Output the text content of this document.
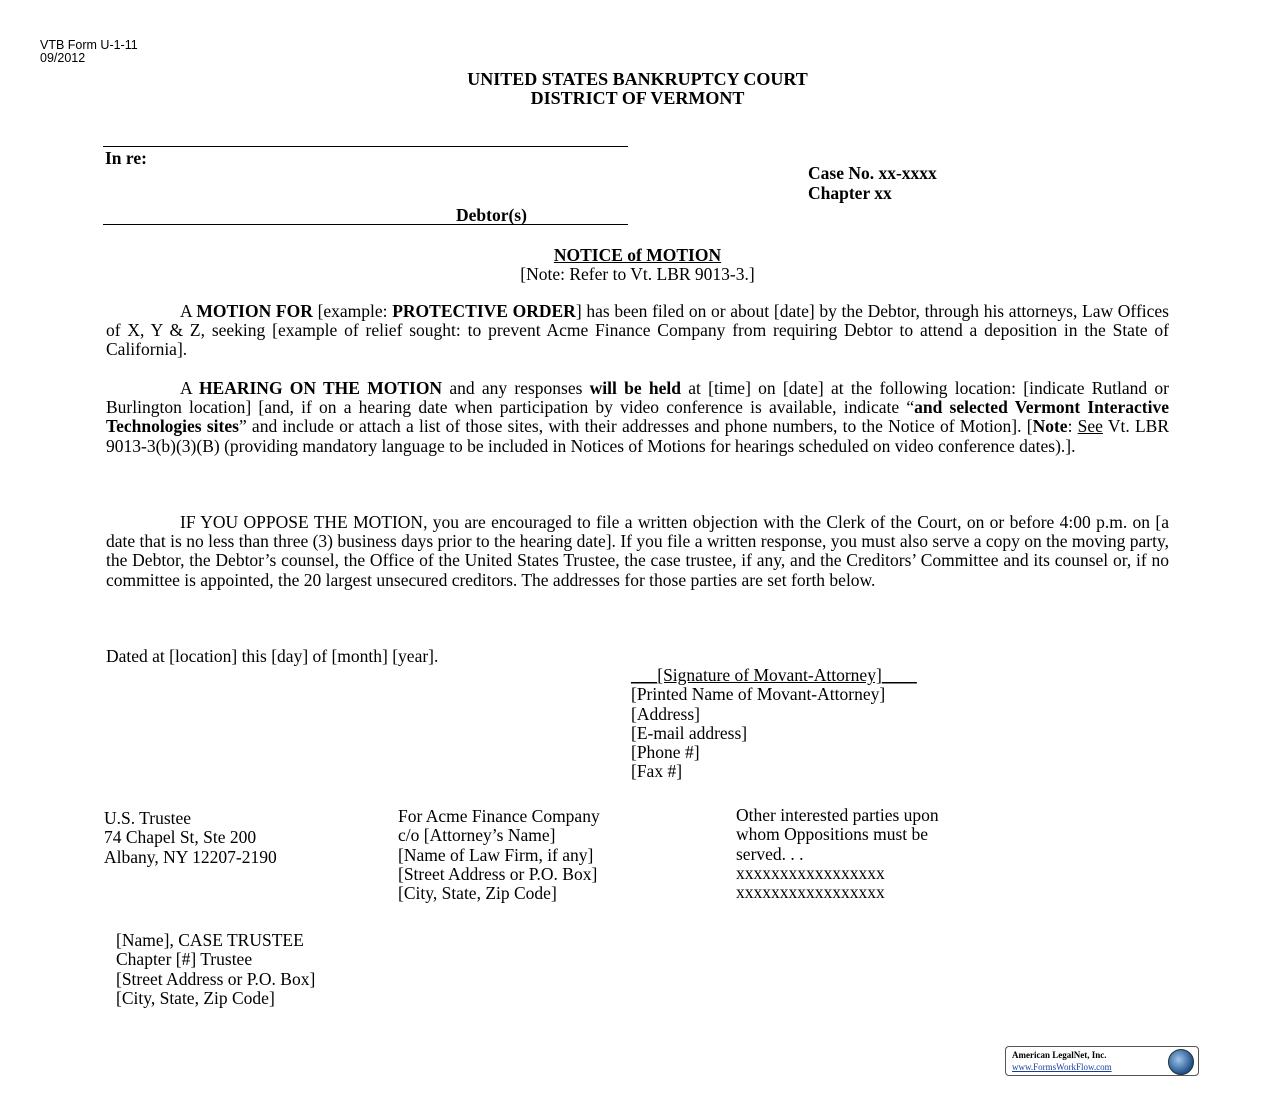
VTB Form U-1-11
09/2012
UNITED STATES BANKRUPTCY COURT
DISTRICT OF VERMONT
In re:
Debtor(s)
Case No. xx-xxxx
Chapter xx
NOTICE of MOTION
[Note: Refer to Vt. LBR 9013-3.]
A MOTION FOR [example: PROTECTIVE ORDER] has been filed on or about [date] by the Debtor, through his attorneys, Law Offices of X, Y & Z, seeking [example of relief sought: to prevent Acme Finance Company from requiring Debtor to attend a deposition in the State of California].
A HEARING ON THE MOTION and any responses will be held at [time] on [date] at the following location: [indicate Rutland or Burlington location] [and, if on a hearing date when participation by video conference is available, indicate “and selected Vermont Interactive Technologies sites” and include or attach a list of those sites, with their addresses and phone numbers, to the Notice of Motion]. [Note: See Vt. LBR 9013-3(b)(3)(B) (providing mandatory language to be included in Notices of Motions for hearings scheduled on video conference dates).].
IF YOU OPPOSE THE MOTION, you are encouraged to file a written objection with the Clerk of the Court, on or before 4:00 p.m. on [a date that is no less than three (3) business days prior to the hearing date]. If you file a written response, you must also serve a copy on the moving party, the Debtor, the Debtor’s counsel, the Office of the United States Trustee, the case trustee, if any, and the Creditors’ Committee and its counsel or, if no committee is appointed, the 20 largest unsecured creditors. The addresses for those parties are set forth below.
Dated at [location] this [day] of [month] [year].
___[Signature of Movant-Attorney]____
[Printed Name of Movant-Attorney]
[Address]
[E-mail address]
[Phone #]
[Fax #]
U.S. Trustee
74 Chapel St, Ste 200
Albany, NY 12207-2190
For Acme Finance Company
c/o [Attorney’s Name]
[Name of Law Firm, if any]
[Street Address or P.O. Box]
[City, State, Zip Code]
Other interested parties upon
whom Oppositions must be
served. . .
xxxxxxxxxxxxxxxxx
xxxxxxxxxxxxxxxxx
[Name], CASE TRUSTEE
Chapter [#] Trustee
[Street Address or P.O. Box]
[City, State, Zip Code]
American LegalNet, Inc.
www.FormsWorkFlow.com
